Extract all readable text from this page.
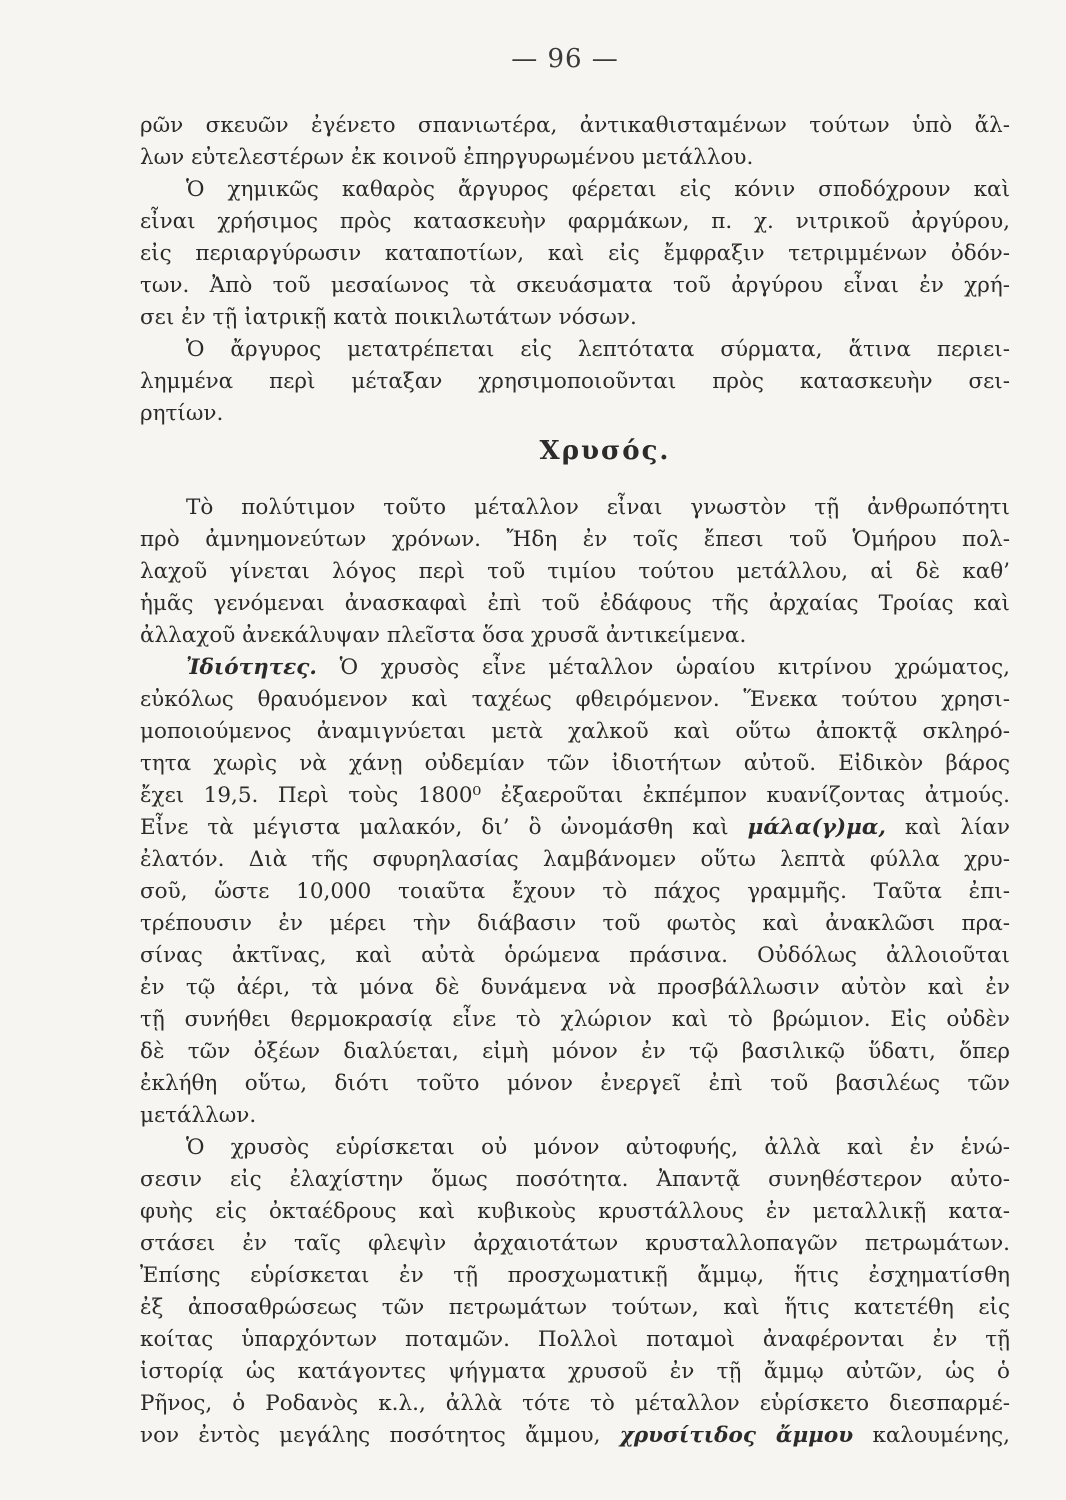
— 96 —
ρῶν σκευῶν ἐγένετο σπανιωτέρα, ἀντικαθισταμένων τούτων ὑπὸ ἄλ-
λων εὐτελεστέρων ἐκ κοινοῦ ἐπηργυρωμένου μετάλλου.
Ὁ χημικῶς καθαρὸς ἄργυρος φέρεται εἰς κόνιν σποδόχρουν καὶ
εἶναι χρήσιμος πρὸς κατασκευὴν φαρμάκων, π. χ. νιτρικοῦ ἀργύρου,
εἰς περιαργύρωσιν καταποτίων, καὶ εἰς ἔμφραξιν τετριμμένων ὀδόν-
των. Ἀπὸ τοῦ μεσαίωνος τὰ σκευάσματα τοῦ ἀργύρου εἶναι ἐν χρή-
σει ἐν τῇ ἰατρικῇ κατὰ ποικιλωτάτων νόσων.
Ὁ ἄργυρος μετατρέπεται εἰς λεπτότατα σύρματα, ἅτινα περιει-
λημμένα περὶ μέταξαν χρησιμοποιοῦνται πρὸς κατασκευὴν σει-
ρητίων.
Χρυσός.
Τὸ πολύτιμον τοῦτο μέταλλον εἶναι γνωστὸν τῇ ἀνθρωπότητι
πρὸ ἀμνημονεύτων χρόνων. Ἤδη ἐν τοῖς ἔπεσι τοῦ Ὁμήρου πολ-
λαχοῦ γίνεται λόγος περὶ τοῦ τιμίου τούτου μετάλλου, αἱ δὲ καθ’
ἡμᾶς γενόμεναι ἀνασκαφαὶ ἐπὶ τοῦ ἐδάφους τῆς ἀρχαίας Τροίας καὶ
ἀλλαχοῦ ἀνεκάλυψαν πλεῖστα ὅσα χρυσᾶ ἀντικείμενα.
Ἰδιότητες. Ὁ χρυσὸς εἶνε μέταλλον ὡραίου κιτρίνου χρώματος,
εὐκόλως θραυόμενον καὶ ταχέως φθειρόμενον. Ἕνεκα τούτου χρησι-
μοποιούμενος ἀναμιγνύεται μετὰ χαλκοῦ καὶ οὕτω ἀποκτᾷ σκληρό-
τητα χωρὶς νὰ χάνῃ οὐδεμίαν τῶν ἰδιοτήτων αὐτοῦ. Εἰδικὸν βάρος
ἔχει 19,5. Περὶ τοὺς 1800⁰ ἐξαεροῦται ἐκπέμπον κυανίζοντας ἀτμούς.
Εἶνε τὰ μέγιστα μαλακόν, δι’ ὃ ὠνομάσθη καὶ μάλα(γ)μα, καὶ λίαν
ἐλατόν. Διὰ τῆς σφυρηλασίας λαμβάνομεν οὕτω λεπτὰ φύλλα χρυ-
σοῦ, ὥστε 10,000 τοιαῦτα ἔχουν τὸ πάχος γραμμῆς. Ταῦτα ἐπι-
τρέπουσιν ἐν μέρει τὴν διάβασιν τοῦ φωτὸς καὶ ἀνακλῶσι πρα-
σίνας ἀκτῖνας, καὶ αὐτὰ ὁρώμενα πράσινα. Οὐδόλως ἀλλοιοῦται
ἐν τῷ ἀέρι, τὰ μόνα δὲ δυνάμενα νὰ προσβάλλωσιν αὐτὸν καὶ ἐν
τῇ συνήθει θερμοκρασίᾳ εἶνε τὸ χλώριον καὶ τὸ βρώμιον. Εἰς οὐδὲν
δὲ τῶν ὀξέων διαλύεται, εἰμὴ μόνον ἐν τῷ βασιλικῷ ὕδατι, ὅπερ
ἐκλήθη οὕτω, διότι τοῦτο μόνον ἐνεργεῖ ἐπὶ τοῦ βασιλέως τῶν
μετάλλων.
Ὁ χρυσὸς εὑρίσκεται οὐ μόνον αὐτοφυής, ἀλλὰ καὶ ἐν ἑνώ-
σεσιν εἰς ἐλαχίστην ὅμως ποσότητα. Ἀπαντᾷ συνηθέστερον αὐτο-
φυὴς εἰς ὀκταέδρους καὶ κυβικοὺς κρυστάλλους ἐν μεταλλικῇ κατα-
στάσει ἐν ταῖς φλεψὶν ἀρχαιοτάτων κρυσταλλοπαγῶν πετρωμάτων.
Ἐπίσης εὑρίσκεται ἐν τῇ προσχωματικῇ ἄμμῳ, ἥτις ἐσχηματίσθη
ἐξ ἀποσαθρώσεως τῶν πετρωμάτων τούτων, καὶ ἥτις κατετέθη εἰς
κοίτας ὑπαρχόντων ποταμῶν. Πολλοὶ ποταμοὶ ἀναφέρονται ἐν τῇ
ἱστορίᾳ ὡς κατάγοντες ψήγματα χρυσοῦ ἐν τῇ ἄμμῳ αὐτῶν, ὡς ὁ
Ρῆνος, ὁ Ροδανὸς κ.λ., ἀλλὰ τότε τὸ μέταλλον εὑρίσκετο διεσπαρμέ-
νον ἐντὸς μεγάλης ποσότητος ἄμμου, χρυσίτιδος ἄμμου καλουμένης,
